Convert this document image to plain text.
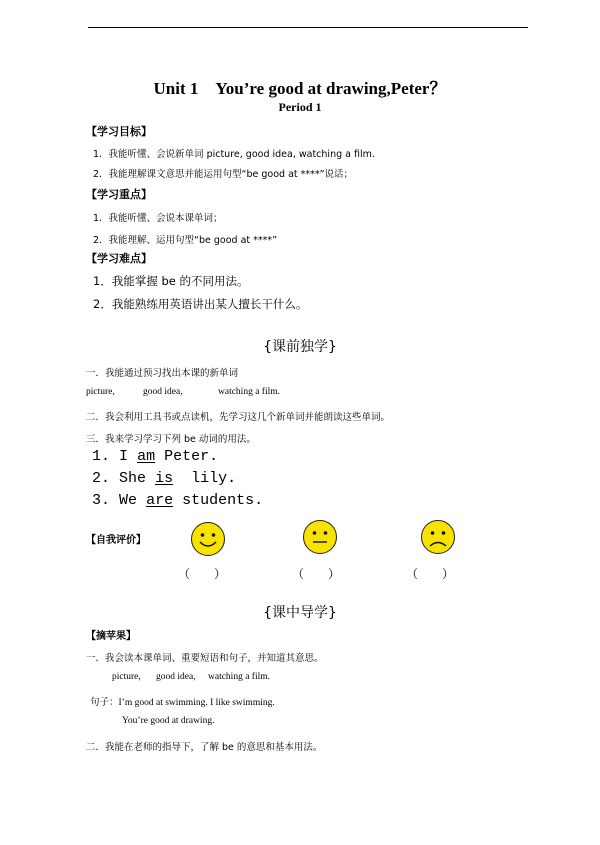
Unit 1　You’re good at drawing,Peter？
Period 1
【学习目标】
1．我能听懂、会说新单词 picture, good idea, watching a film.
2．我能理解课文意思并能运用句型“be good at ****”说话；
【学习重点】
1．我能听懂、会说本课单词；
2．我能理解、运用句型“be good at ****”
【学习难点】
1．我能掌握 be 的不同用法。
2．我能熟练用英语讲出某人擅长干什么。
{课前独学}
一．我能通过预习找出本课的新单词
picture,	good idea,	watching a film.
二．我会利用工具书或点读机，先学习这几个新单词并能朗读这些单词。
三．我来学习学习下列 be 动词的用法。
1. I am Peter.
2. She is lily.
3. We are students.
【自我评价】
（　　）	（　　）	（　　）
{课中导学}
【摘苹果】
一．我会读本课单词、重要短语和句子，并知道其意思。
picture, good idea, watching a film.
句子：I’m good at swimming. I like swimming.
You’re good at drawing.
二．我能在老师的指导下，了解 be 的意思和基本用法。
